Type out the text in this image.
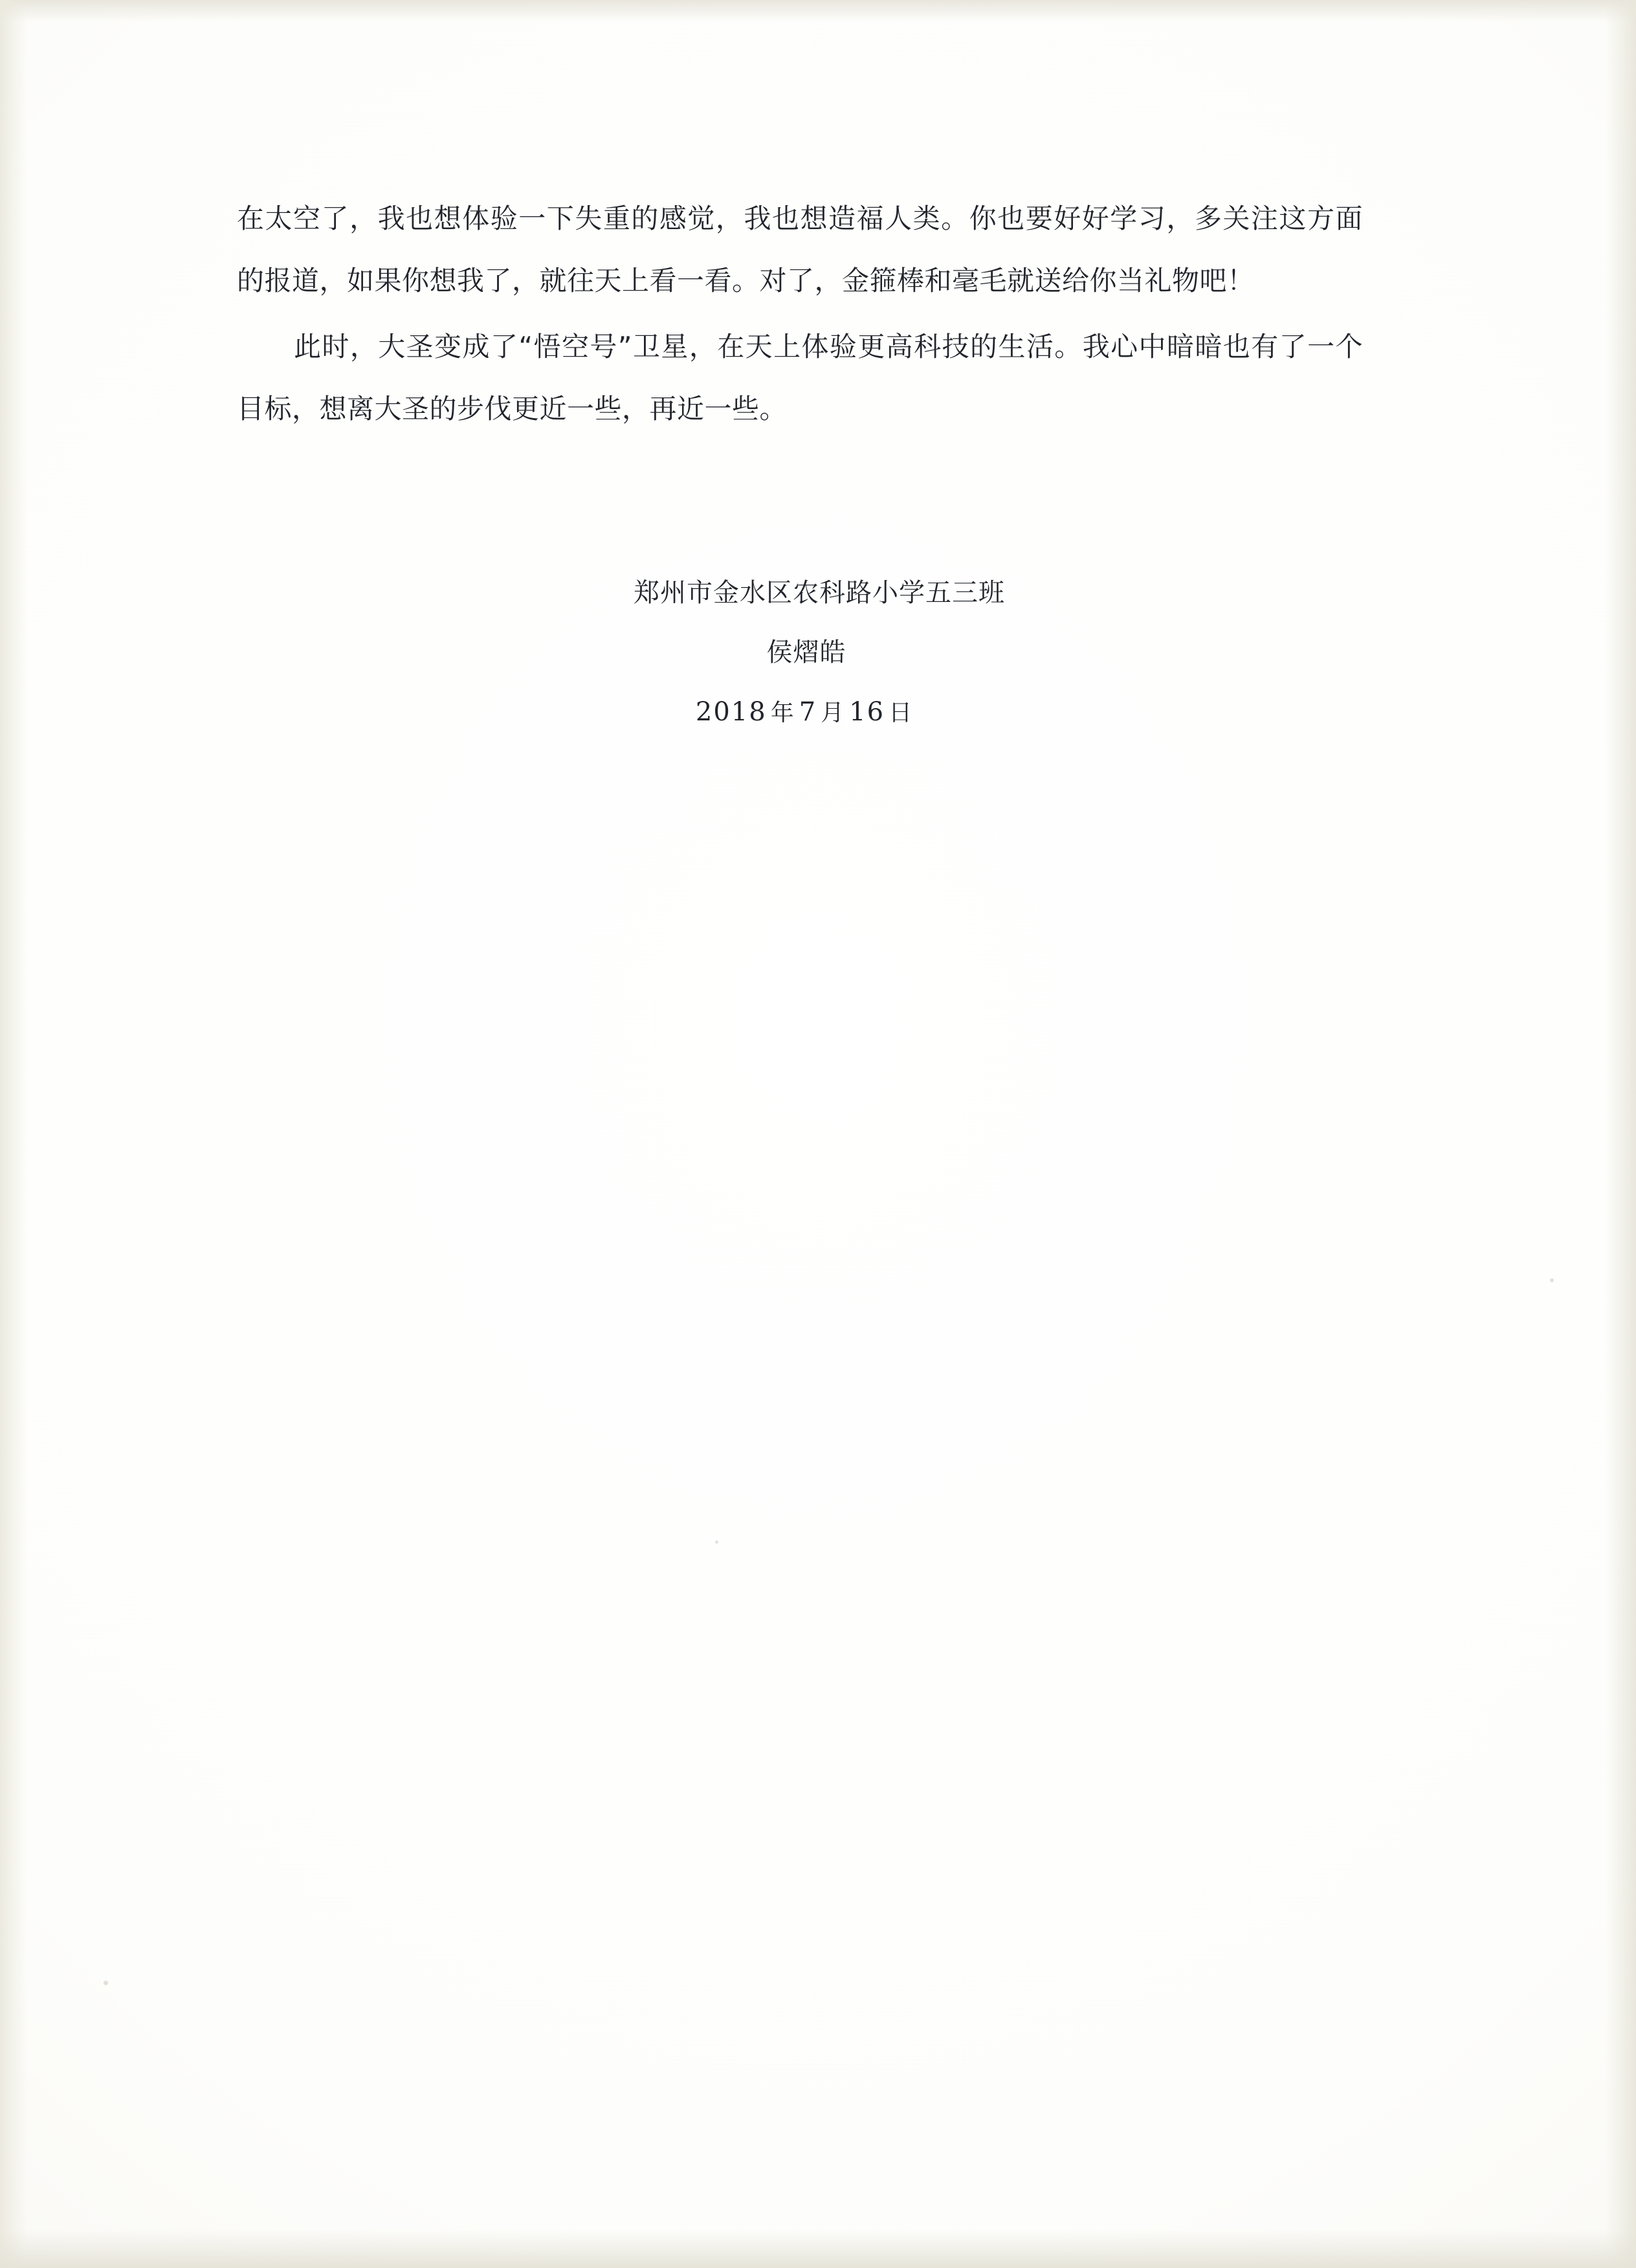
在太空了，我也想体验一下失重的感觉，我也想造福人类。你也要好好学习，多关注这方面的报道，如果你想我了，就往天上看一看。对了，金箍棒和毫毛就送给你当礼物吧！

此时，大圣变成了“悟空号”卫星，在天上体验更高科技的生活。我心中暗暗也有了一个目标，想离大圣的步伐更近一些，再近一些。

郑州市金水区农科路小学五三班
侯熠皓
2018 年 7 月 16 日
